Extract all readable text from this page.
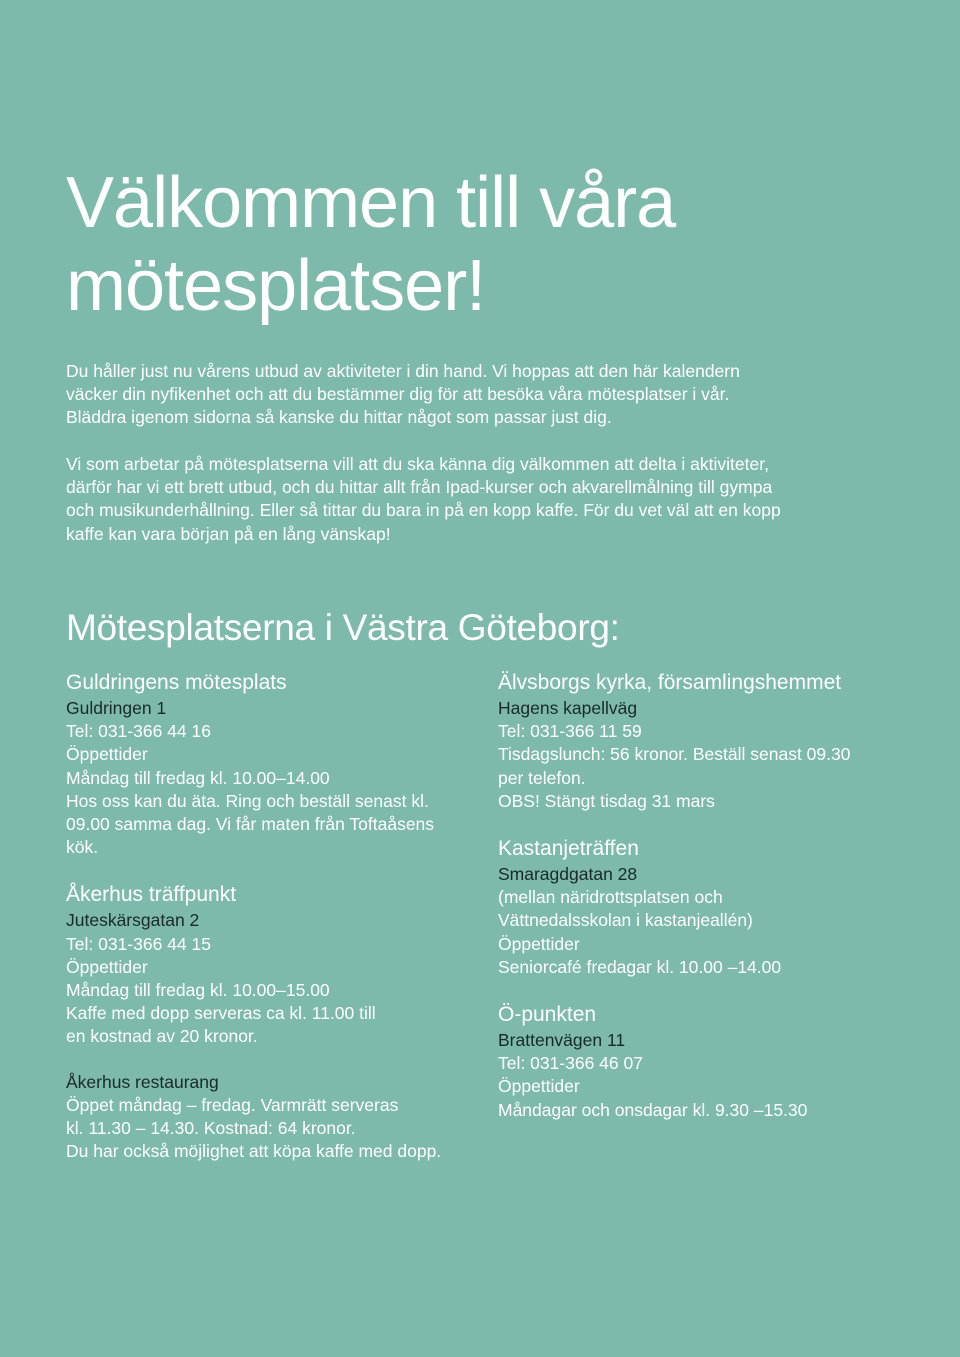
Välkommen till våra
mötesplatser!
Du håller just nu vårens utbud av aktiviteter i din hand. Vi hoppas att den här kalendern
väcker din nyfikenhet och att du bestämmer dig för att besöka våra mötesplatser i vår.
Bläddra igenom sidorna så kanske du hittar något som passar just dig.
Vi som arbetar på mötesplatserna vill att du ska känna dig välkommen att delta i aktiviteter,
därför har vi ett brett utbud, och du hittar allt från Ipad-kurser och akvarellmålning till gympa
och musikunderhållning. Eller så tittar du bara in på en kopp kaffe. För du vet väl att en kopp
kaffe kan vara början på en lång vänskap!
Mötesplatserna i Västra Göteborg:
Guldringens mötesplats
Guldringen 1
Tel: 031-366 44 16
Öppettider
Måndag till fredag kl. 10.00–14.00
Hos oss kan du äta. Ring och beställ senast kl.
09.00 samma dag. Vi får maten från Toftaåsens
kök.
Åkerhus träffpunkt
Juteskärsgatan 2
Tel: 031-366 44 15
Öppettider
Måndag till fredag kl. 10.00–15.00
Kaffe med dopp serveras ca kl. 11.00 till
en kostnad av 20 kronor.
Åkerhus restaurang
Öppet måndag – fredag. Varmrätt serveras
kl. 11.30 – 14.30. Kostnad: 64 kronor.
Du har också möjlighet att köpa kaffe med dopp.
Älvsborgs kyrka, församlingshemmet
Hagens kapellväg
Tel: 031-366 11 59
Tisdagslunch: 56 kronor. Beställ senast 09.30
per telefon.
OBS! Stängt tisdag 31 mars
Kastanjeträffen
Smaragdgatan 28
(mellan näridrottsplatsen och
Vättnedalsskolan i kastanjeallén)
Öppettider
Seniorcafé fredagar kl. 10.00 –14.00
Ö-punkten
Brattenvägen 11
Tel: 031-366 46 07
Öppettider
Måndagar och onsdagar kl. 9.30 –15.30
